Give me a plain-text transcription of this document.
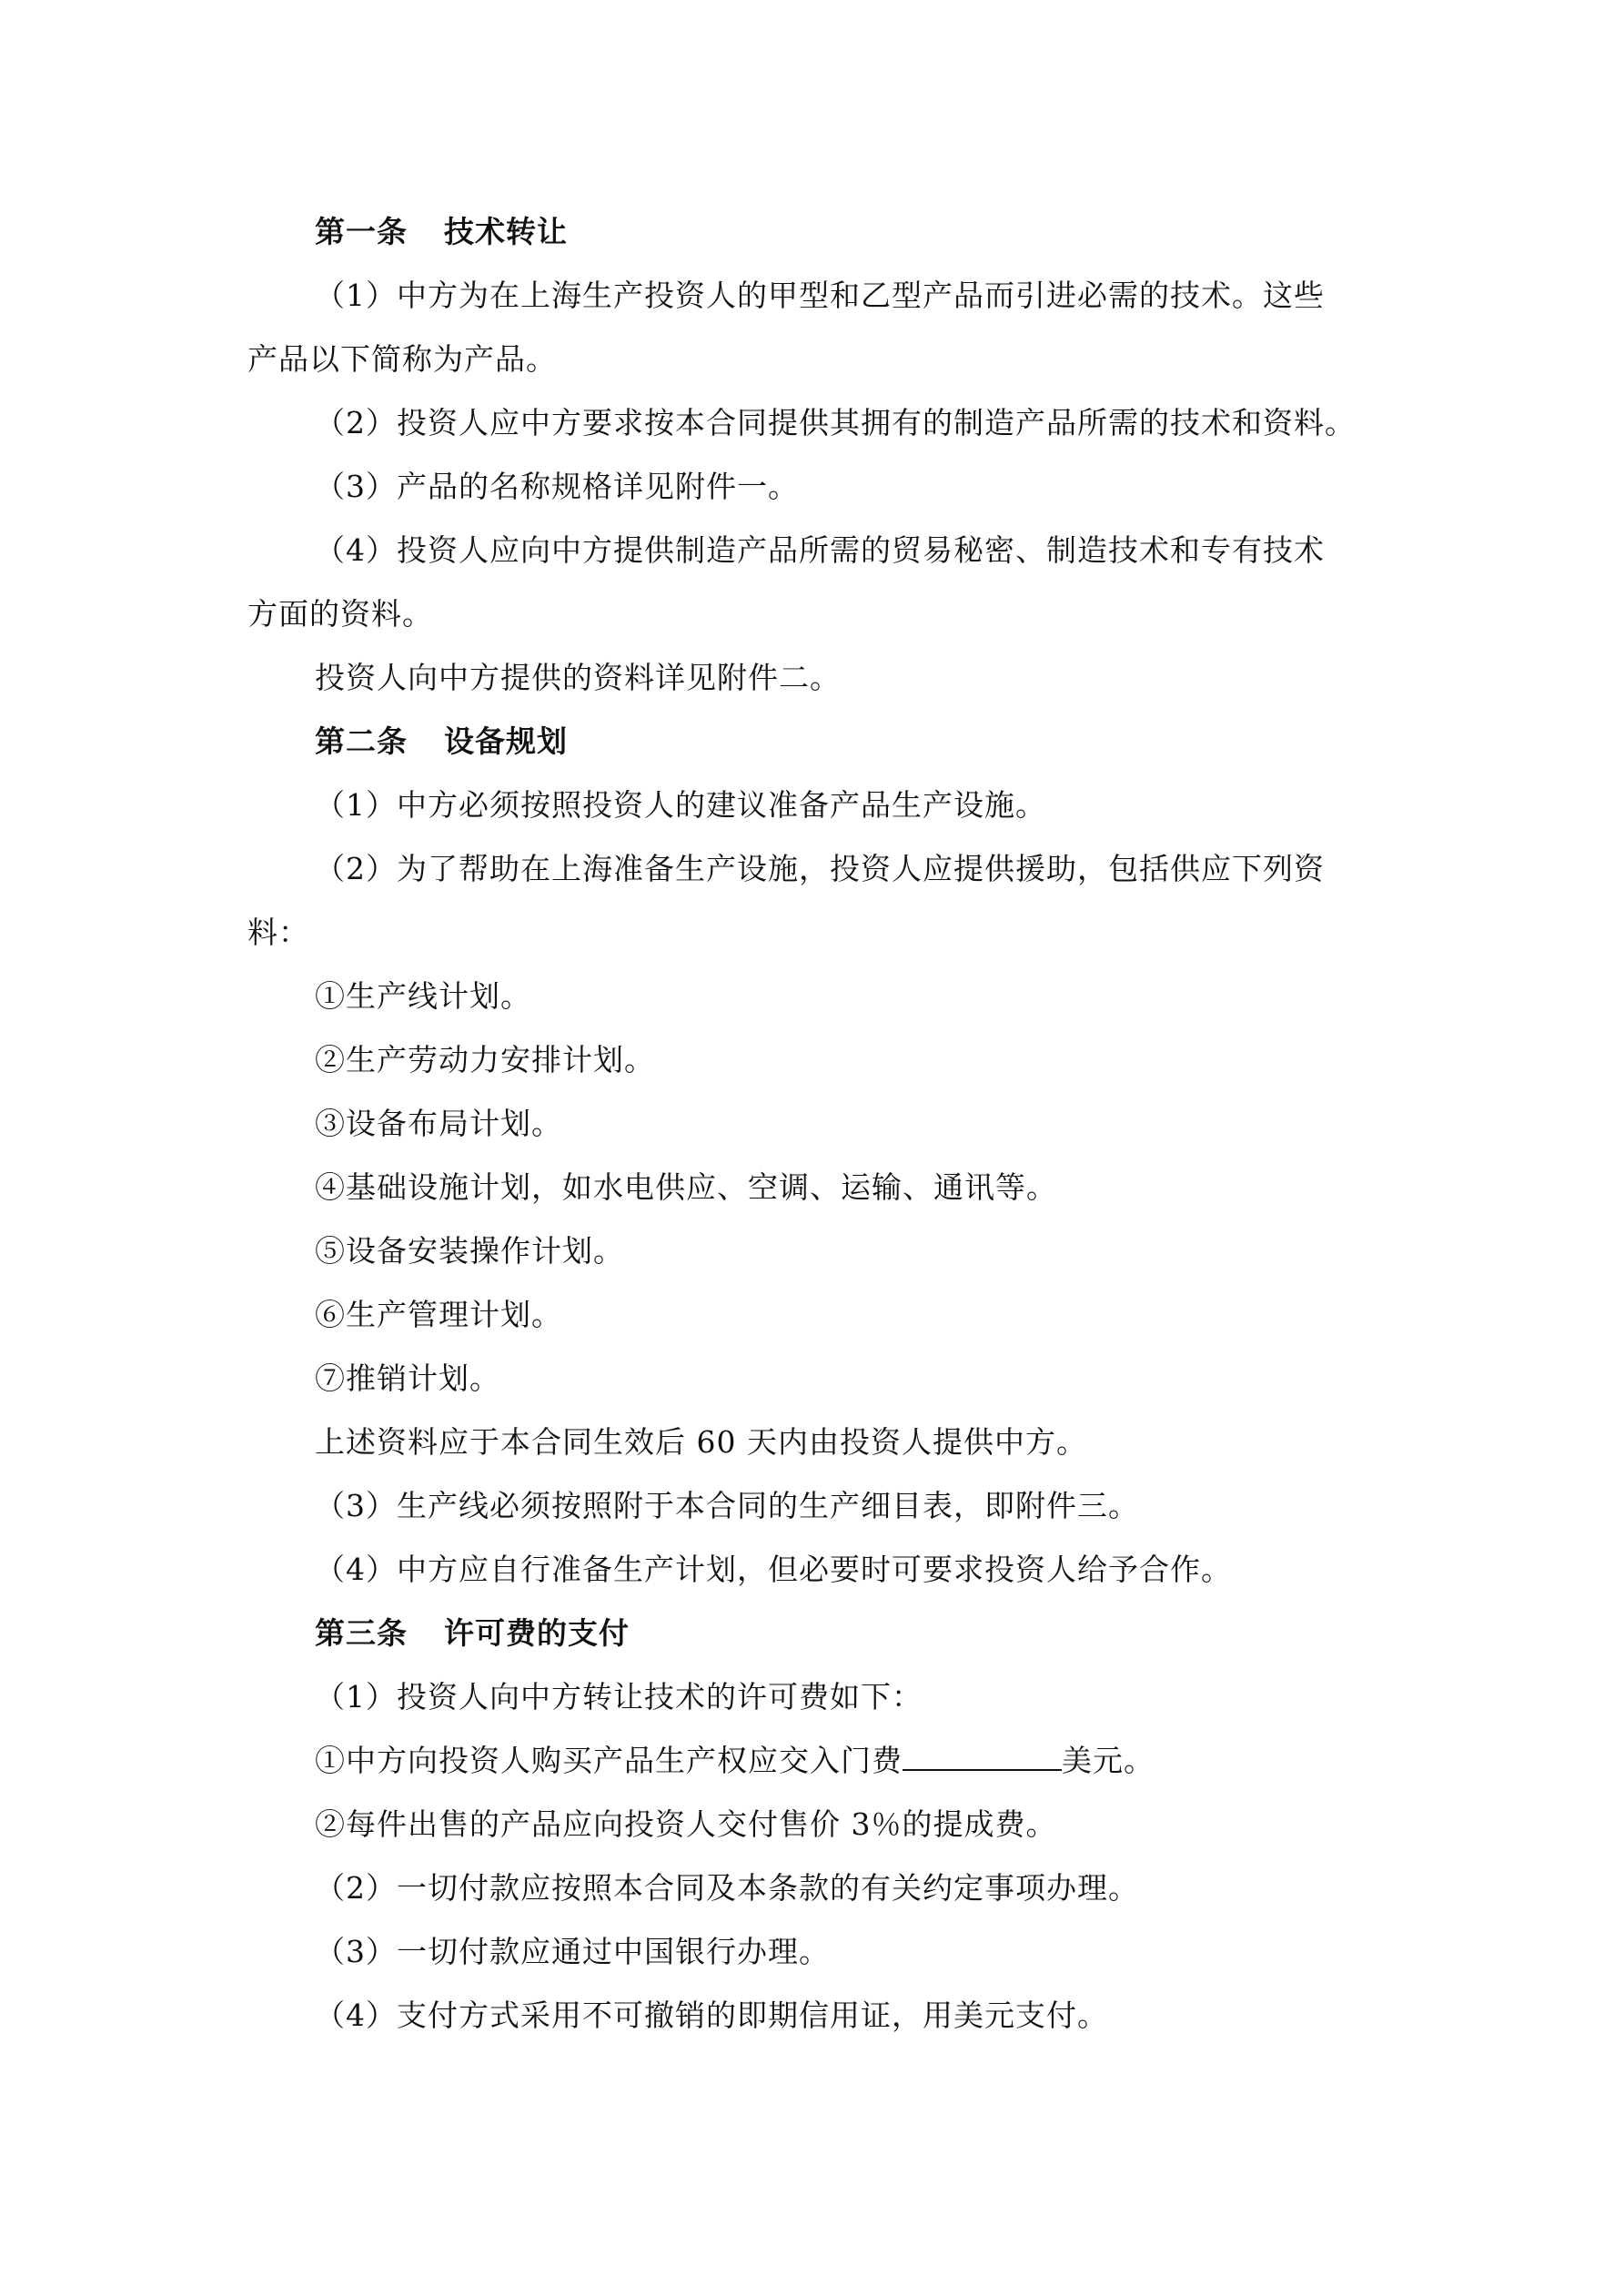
第一条 技术转让
（1）中方为在上海生产投资人的甲型和乙型产品而引进必需的技术。这些
产品以下简称为产品。
（2）投资人应中方要求按本合同提供其拥有的制造产品所需的技术和资料。
（3）产品的名称规格详见附件一。
（4）投资人应向中方提供制造产品所需的贸易秘密、制造技术和专有技术
方面的资料。
投资人向中方提供的资料详见附件二。
第二条 设备规划
（1）中方必须按照投资人的建议准备产品生产设施。
（2）为了帮助在上海准备生产设施，投资人应提供援助，包括供应下列资
料：
①生产线计划。
②生产劳动力安排计划。
③设备布局计划。
④基础设施计划，如水电供应、空调、运输、通讯等。
⑤设备安装操作计划。
⑥生产管理计划。
⑦推销计划。
上述资料应于本合同生效后 60 天内由投资人提供中方。
（3）生产线必须按照附于本合同的生产细目表，即附件三。
（4）中方应自行准备生产计划，但必要时可要求投资人给予合作。
第三条 许可费的支付
（1）投资人向中方转让技术的许可费如下：
①中方向投资人购买产品生产权应交入门费	美元。
②每件出售的产品应向投资人交付售价 3％的提成费。
（2）一切付款应按照本合同及本条款的有关约定事项办理。
（3）一切付款应通过中国银行办理。
（4）支付方式采用不可撤销的即期信用证，用美元支付。
